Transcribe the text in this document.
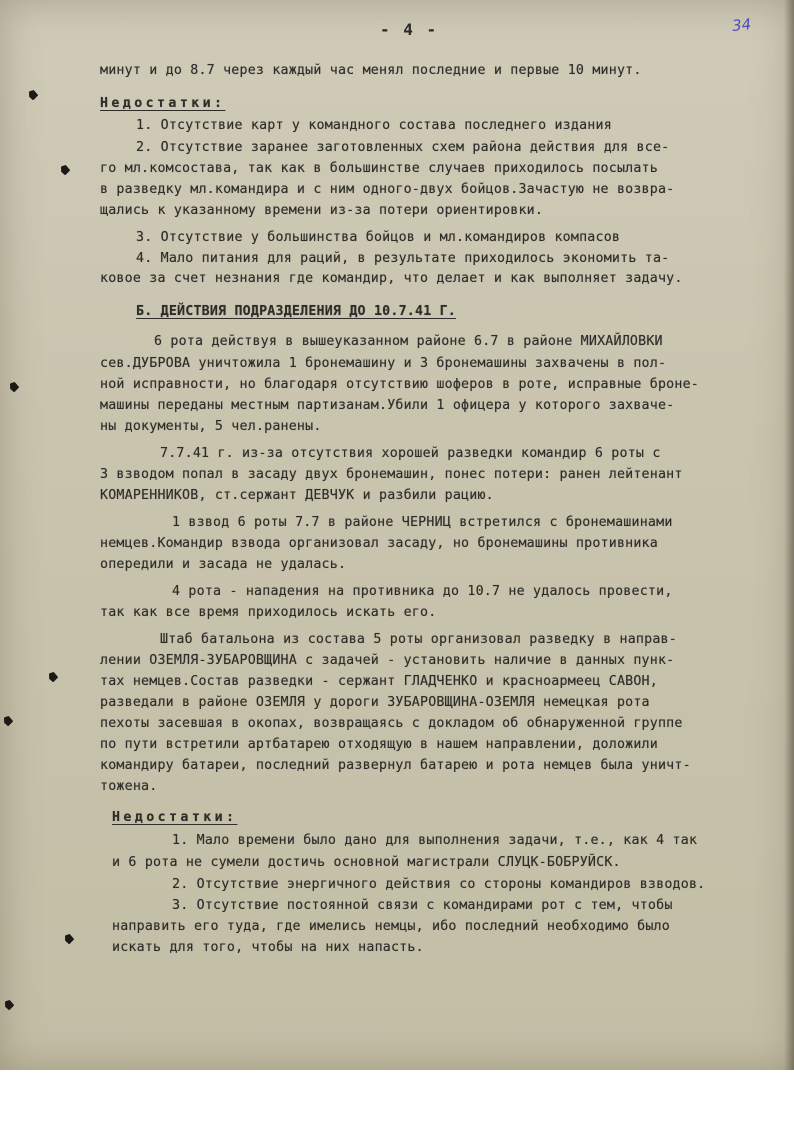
- 4 -	34
минут и до 8.7 через каждый час менял последние и первые 10 минут.
Недостатки:
1. Отсутствие карт у командного состава последнего издания
2. Отсутствие заранее заготовленных схем района действия для все-
го мл.комсостава, так как в большинстве случаев приходилось посылать
в разведку мл.командира и с ним одного-двух бойцов.Зачастую не возвра-
щались к указанному времени из-за потери ориентировки.
3. Отсутствие у большинства бойцов и мл.командиров компасов
4. Мало питания для раций, в результате приходилось экономить та-
ковое за счет незнания где командир, что делает и как выполняет задачу.
Б. ДЕЙСТВИЯ ПОДРАЗДЕЛЕНИЯ ДО 10.7.41 Г.
6 рота действуя в вышеуказанном районе 6.7 в районе МИХАЙЛОВКИ
сев.ДУБРОВА уничтожила 1 бронемашину и 3 бронемашины захвачены в пол-
ной исправности, но благодаря отсутствию шоферов в роте, исправные броне-
машины переданы местным партизанам.Убили 1 офицера у которого захваче-
ны документы, 5 чел.ранены.
7.7.41 г. из-за отсутствия хорошей разведки командир 6 роты с
3 взводом попал в засаду двух бронемашин, понес потери: ранен лейтенант
КОМАРЕННИКОВ, ст.сержант ДЕВЧУК и разбили рацию.
1 взвод 6 роты 7.7 в районе ЧЕРНИЦ встретился с бронемашинами
немцев.Командир взвода организовал засаду, но бронемашины противника
опередили и засада не удалась.
4 рота - нападения на противника до 10.7 не удалось провести,
так как все время приходилось искать его.
Штаб батальона из состава 5 роты организовал разведку в направ-
лении ОЗЕМЛЯ-ЗУБАРОВЩИНА с задачей - установить наличие в данных пунк-
тах немцев.Состав разведки - сержант ГЛАДЧЕНКО и красноармеец САВОН,
разведали в районе ОЗЕМЛЯ у дороги ЗУБАРОВЩИНА-ОЗЕМЛЯ немецкая рота
пехоты засевшая в окопах, возвращаясь с докладом об обнаруженной группе
по пути встретили артбатарею отходящую в нашем направлении, доложили
командиру батареи, последний развернул батарею и рота немцев была уничт-
тожена.
Недостатки:
1. Мало времени было дано для выполнения задачи, т.е., как 4 так
и 6 рота не сумели достичь основной магистрали СЛУЦК-БОБРУЙСК.
2. Отсутствие энергичного действия со стороны командиров взводов.
3. Отсутствие постоянной связи с командирами рот с тем, чтобы
направить его туда, где имелись немцы, ибо последний необходимо было
искать для того, чтобы на них напасть.
